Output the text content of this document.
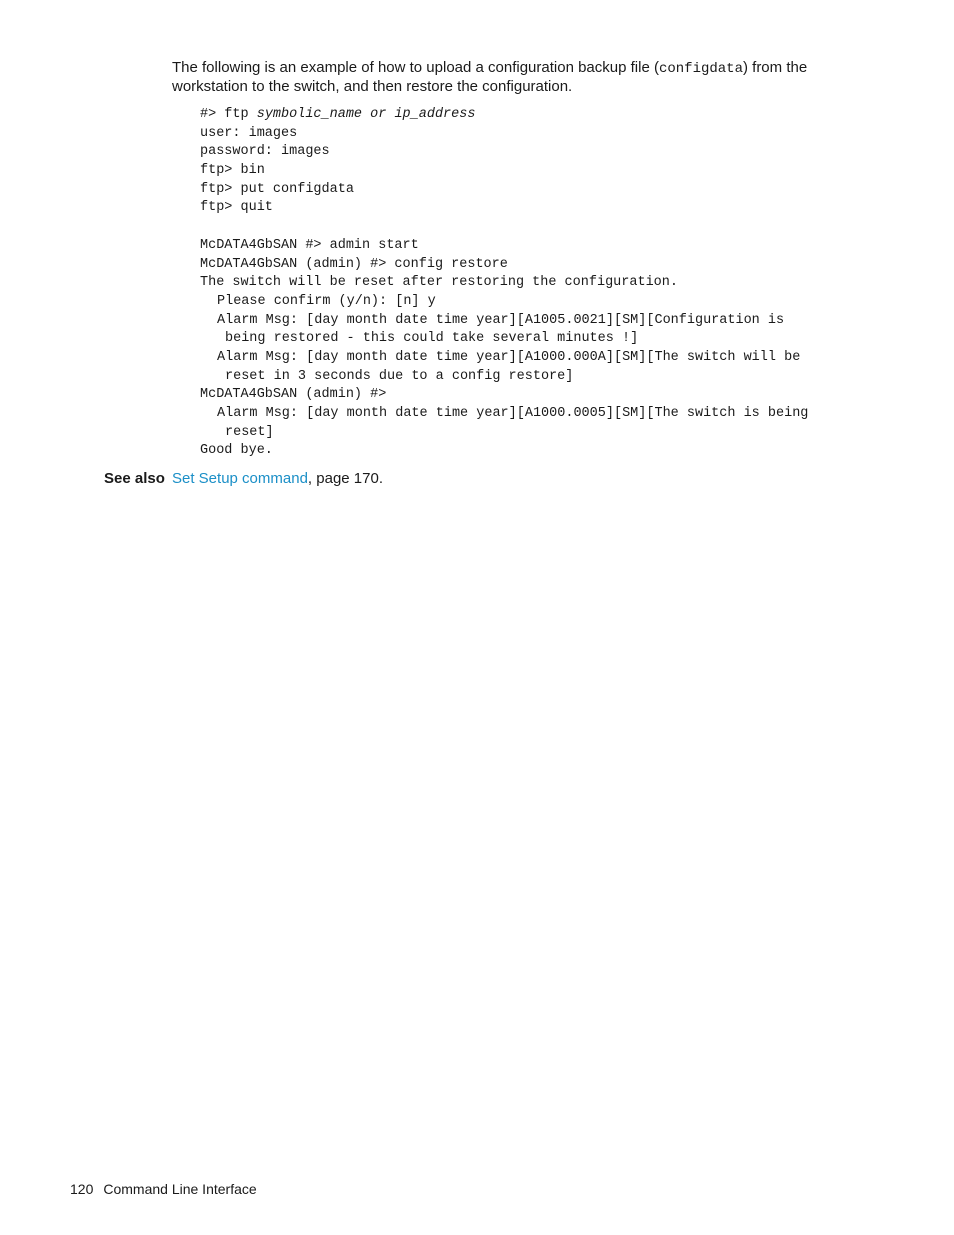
The following is an example of how to upload a configuration backup file (configdata) from the workstation to the switch, and then restore the configuration.

#> ftp symbolic_name or ip_address
user: images
password: images
ftp> bin
ftp> put configdata
ftp> quit
McDATA4GbSAN #> admin start
McDATA4GbSAN (admin) #> config restore
The switch will be reset after restoring the configuration.
Please confirm (y/n): [n] y
Alarm Msg: [day month date time year][A1005.0021][SM][Configuration is
being restored - this could take several minutes !]
Alarm Msg: [day month date time year][A1000.000A][SM][The switch will be
reset in 3 seconds due to a config restore]
McDATA4GbSAN (admin) #>
Alarm Msg: [day month date time year][A1000.0005][SM][The switch is being
reset]
Good bye.
See also Set Setup command, page 170.
120 Command Line Interface
